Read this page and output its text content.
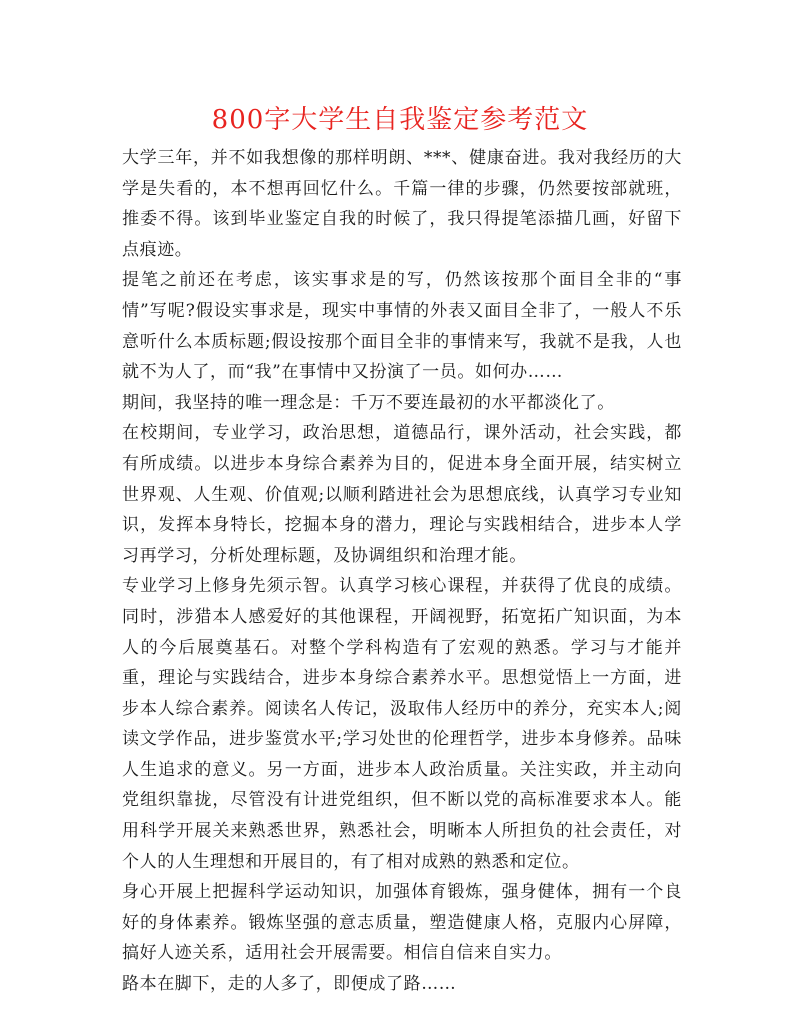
800字大学生自我鉴定参考范文

大学三年，并不如我想像的那样明朗、***、健康奋进。我对我经历的大学是失看的，本不想再回忆什么。千篇一律的步骤，仍然要按部就班，推委不得。该到毕业鉴定自我的时候了，我只得提笔添描几画，好留下点痕迹。

提笔之前还在考虑，该实事求是的写，仍然该按那个面目全非的“事情”写呢?假设实事求是，现实中事情的外表又面目全非了，一般人不乐意听什么本质标题;假设按那个面目全非的事情来写，我就不是我，人也就不为人了，而“我”在事情中又扮演了一员。如何办……

期间，我坚持的唯一理念是：千万不要连最初的水平都淡化了。

在校期间，专业学习，政治思想，道德品行，课外活动，社会实践，都有所成绩。以进步本身综合素养为目的，促进本身全面开展，结实树立世界观、人生观、价值观;以顺利踏进社会为思想底线，认真学习专业知识，发挥本身特长，挖掘本身的潜力，理论与实践相结合，进步本人学习再学习，分析处理标题，及协调组织和治理才能。

专业学习上修身先须示智。认真学习核心课程，并获得了优良的成绩。同时，涉猎本人感爱好的其他课程，开阔视野，拓宽拓广知识面，为本人的今后展奠基石。对整个学科构造有了宏观的熟悉。学习与才能并重，理论与实践结合，进步本身综合素养水平。思想觉悟上一方面，进步本人综合素养。阅读名人传记，汲取伟人经历中的养分，充实本人;阅读文学作品，进步鉴赏水平;学习处世的伦理哲学，进步本身修养。品味人生追求的意义。另一方面，进步本人政治质量。关注实政，并主动向党组织靠拢，尽管没有计进党组织，但不断以党的高标准要求本人。能用科学开展关来熟悉世界，熟悉社会，明晰本人所担负的社会责任，对个人的人生理想和开展目的，有了相对成熟的熟悉和定位。

身心开展上把握科学运动知识，加强体育锻炼，强身健体，拥有一个良好的身体素养。锻炼坚强的意志质量，塑造健康人格，克服内心屏障，搞好人迹关系，适用社会开展需要。相信自信来自实力。

路本在脚下，走的人多了，即便成了路……
